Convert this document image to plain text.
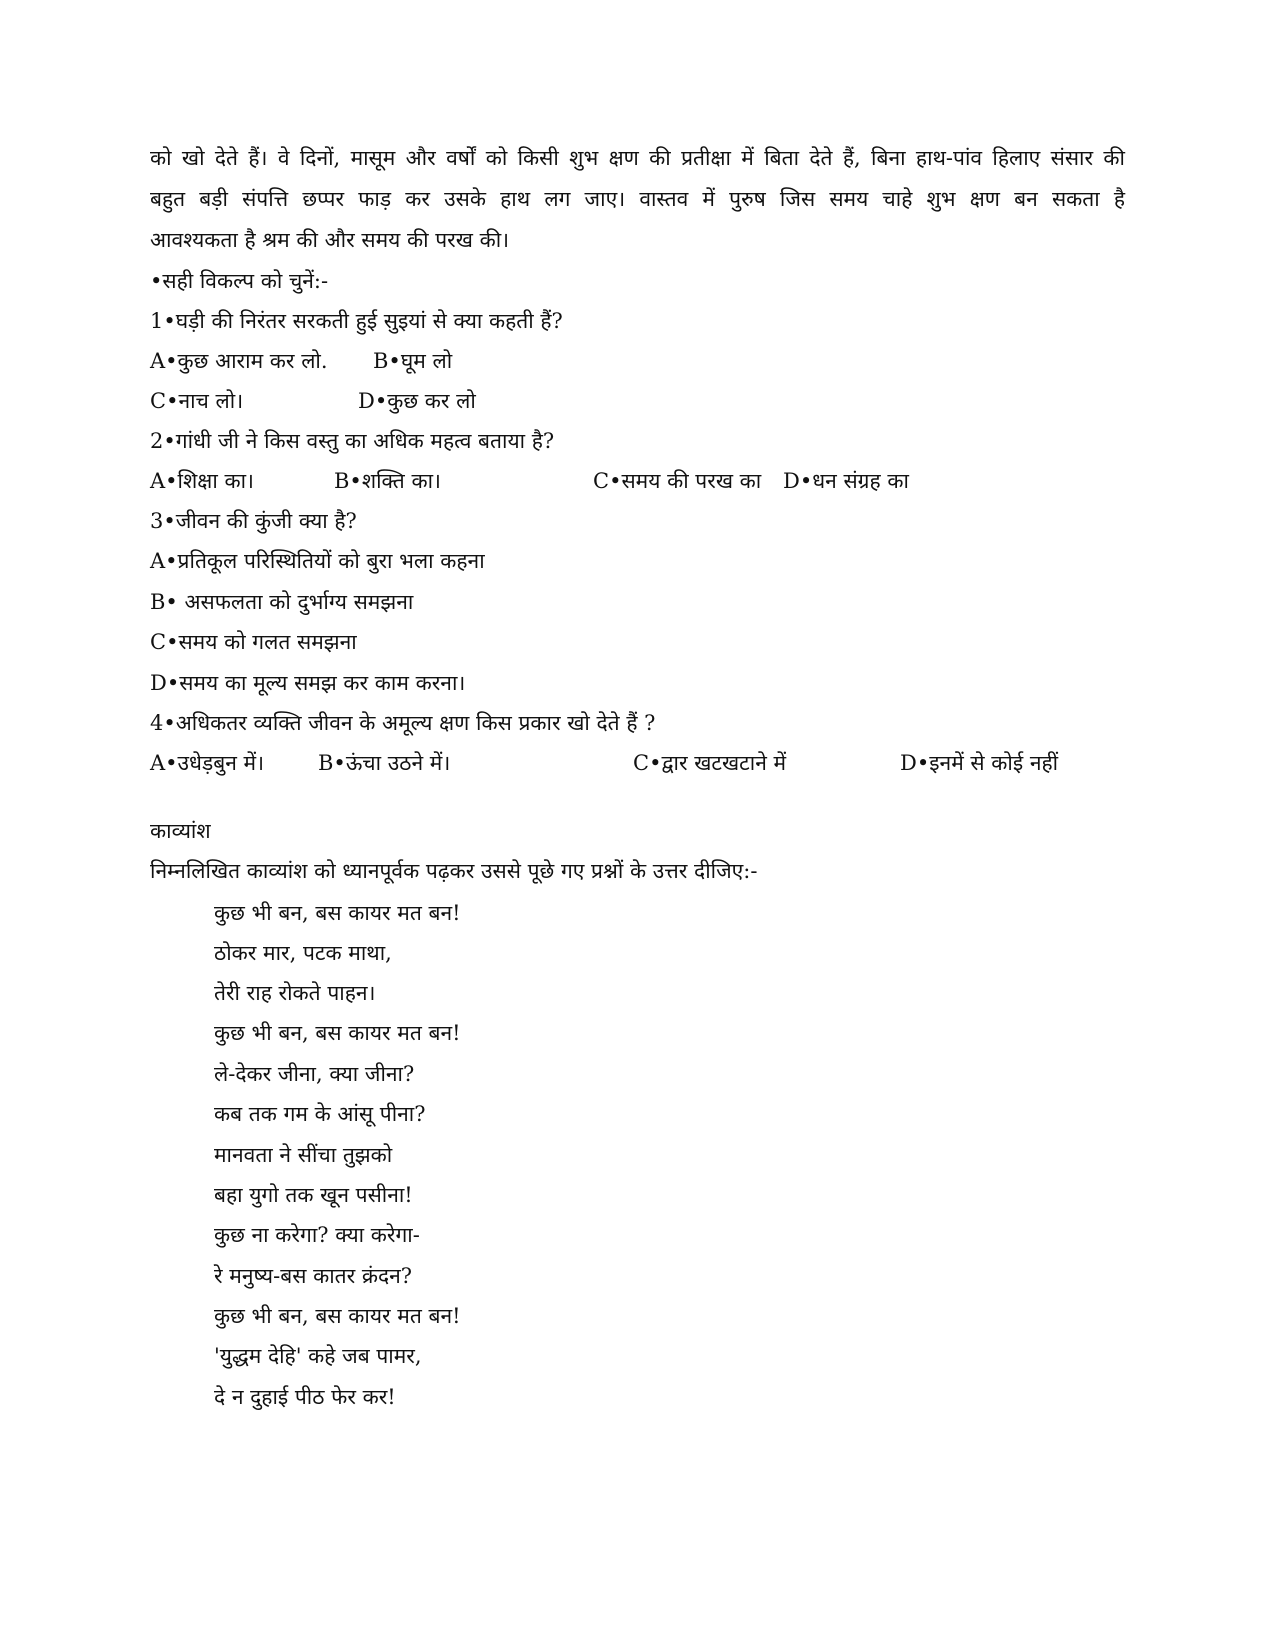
को खो देते हैं। वे दिनों, मासूम और वर्षों को किसी शुभ क्षण की प्रतीक्षा में बिता देते हैं, बिना हाथ-पांव हिलाए संसार की
बहुत बड़ी संपत्ति छप्पर फाड़ कर उसके हाथ लग जाए। वास्तव में पुरुष जिस समय चाहे शुभ क्षण बन सकता है
आवश्यकता है श्रम की और समय की परख की।
•सही विकल्प को चुनें:-
1•घड़ी की निरंतर सरकती हुई सुइयां से क्या कहती हैं?
A•कुछ आराम कर लो. B•घूम लो
C•नाच लो।	D•कुछ कर लो
2•गांधी जी ने किस वस्तु का अधिक महत्व बताया है?
A•शिक्षा का।	B•शक्ति का।	C•समय की परख का D•धन संग्रह का
3•जीवन की कुंजी क्या है?
A•प्रतिकूल परिस्थितियों को बुरा भला कहना
B• असफलता को दुर्भाग्य समझना
C•समय को गलत समझना
D•समय का मूल्य समझ कर काम करना।
4•अधिकतर व्यक्ति जीवन के अमूल्य क्षण किस प्रकार खो देते हैं ?
A•उधेड़बुन में।	B•ऊंचा उठने में।	C•द्वार खटखटाने में	D•इनमें से कोई नहीं
काव्यांश
निम्नलिखित काव्यांश को ध्यानपूर्वक पढ़कर उससे पूछे गए प्रश्नों के उत्तर दीजिए:-
कुछ भी बन, बस कायर मत बन!
ठोकर मार, पटक माथा,
तेरी राह रोकते पाहन।
कुछ भी बन, बस कायर मत बन!
ले-देकर जीना, क्या जीना?
कब तक गम के आंसू पीना?
मानवता ने सींचा तुझको
बहा युगो तक खून पसीना!
कुछ ना करेगा? क्या करेगा-
रे मनुष्य-बस कातर क्रंदन?
कुछ भी बन, बस कायर मत बन!
'युद्धम देहि' कहे जब पामर,
दे न दुहाई पीठ फेर कर!
